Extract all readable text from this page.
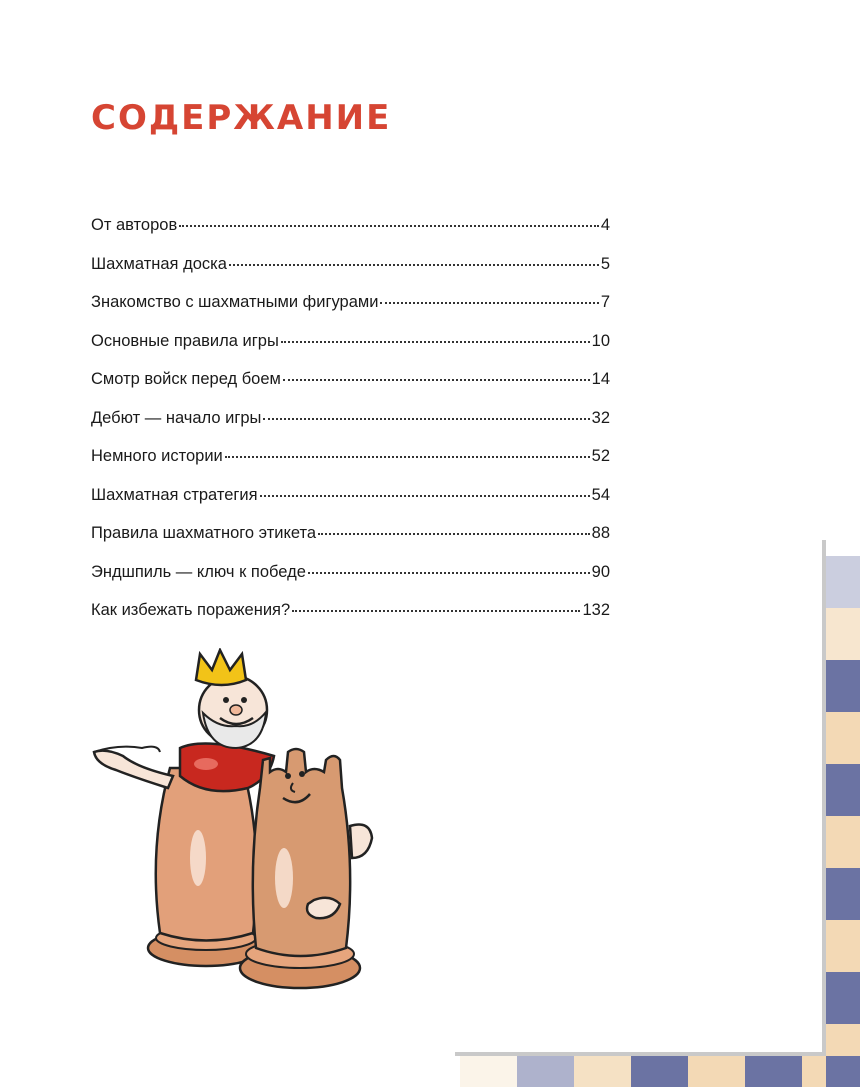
СОДЕРЖАНИЕ
От авторов	4
Шахматная доска	5
Знакомство с шахматными фигурами	7
Основные правила игры	10
Смотр войск перед боем	14
Дебют — начало игры	32
Немного истории	52
Шахматная стратегия	54
Правила шахматного этикета	88
Эндшпиль — ключ к победе	90
Как избежать поражения?	132
